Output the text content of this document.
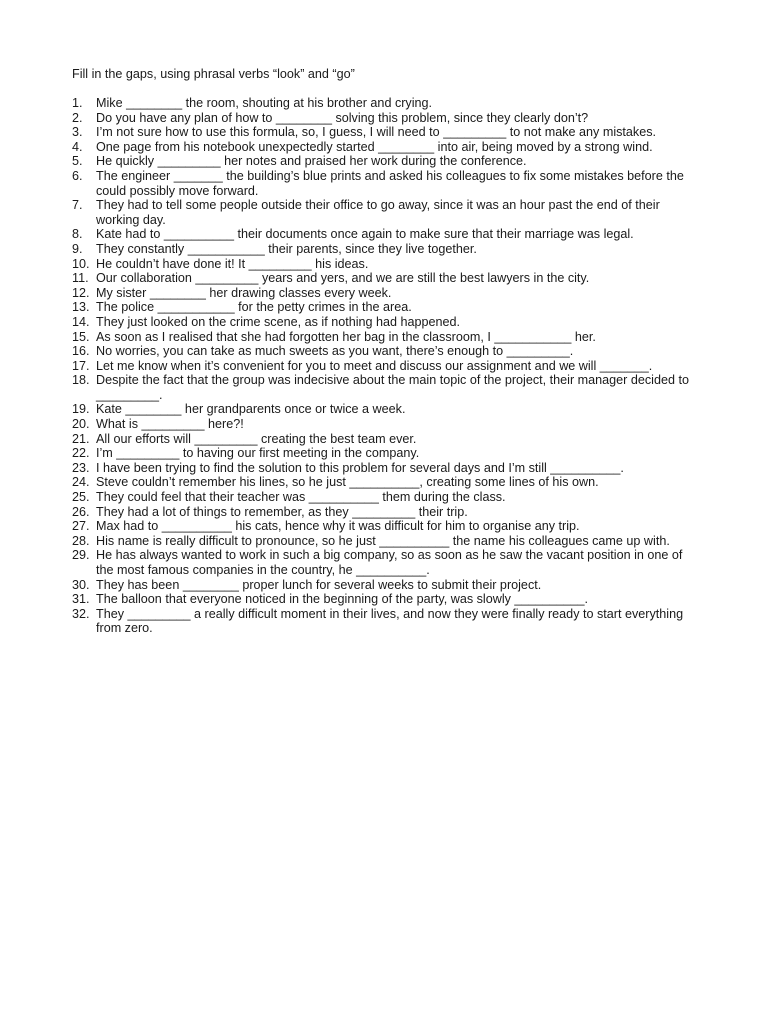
Fill in the gaps, using phrasal verbs “look” and “go”
1.	Mike ________ the room, shouting at his brother and crying.
2.	Do you have any plan of how to ________ solving this problem, since they clearly don’t?
3.	I’m not sure how to use this formula, so, I guess, I will need to _________ to not make any mistakes.
4.	One page from his notebook unexpectedly started ________ into air, being moved by a strong wind.
5.	He quickly _________ her notes and praised her work during the conference.
6.	The engineer _______ the building’s blue prints and asked his colleagues to fix some mistakes before the could possibly move forward.
7.	They had to tell some people outside their office to go away, since it was an hour past the end of their working day.
8.	Kate had to __________ their documents once again to make sure that their marriage was legal.
9.	They constantly ___________ their parents, since they live together.
10. He couldn’t have done it! It _________ his ideas.
11. Our collaboration _________ years and yers, and we are still the best lawyers in the city.
12. My sister ________ her drawing classes every week.
13. The police ___________ for the petty crimes in the area.
14. They just looked on the crime scene, as if nothing had happened.
15. As soon as I realised that she had forgotten her bag in the classroom, I ___________ her.
16. No worries, you can take as much sweets as you want, there’s enough to _________.
17. Let me know when it’s convenient for you to meet and discuss our assignment and we will _______.
18. Despite the fact that the group was indecisive about the main topic of the project, their manager decided to _________.
19. Kate ________ her grandparents once or twice a week.
20. What is _________ here?!
21. All our efforts will _________ creating the best team ever.
22. I’m _________ to having our first meeting in the company.
23. I have been trying to find the solution to this problem for several days and I’m still __________.
24. Steve couldn’t remember his lines, so he just __________, creating some lines of his own.
25. They could feel that their teacher was __________ them during the class.
26. They had a lot of things to remember, as they _________ their trip.
27. Max had to __________ his cats, hence why it was difficult for him to organise any trip.
28. His name is really difficult to pronounce, so he just __________ the name his colleagues came up with.
29. He has always wanted to work in such a big company, so as soon as he saw the vacant position in one of the most famous companies in the country, he __________.
30. They has been ________ proper lunch for several weeks to submit their project.
31. The balloon that everyone noticed in the beginning of the party, was slowly __________.
32. They _________ a really difficult moment in their lives, and now they were finally ready to start everything from zero.
